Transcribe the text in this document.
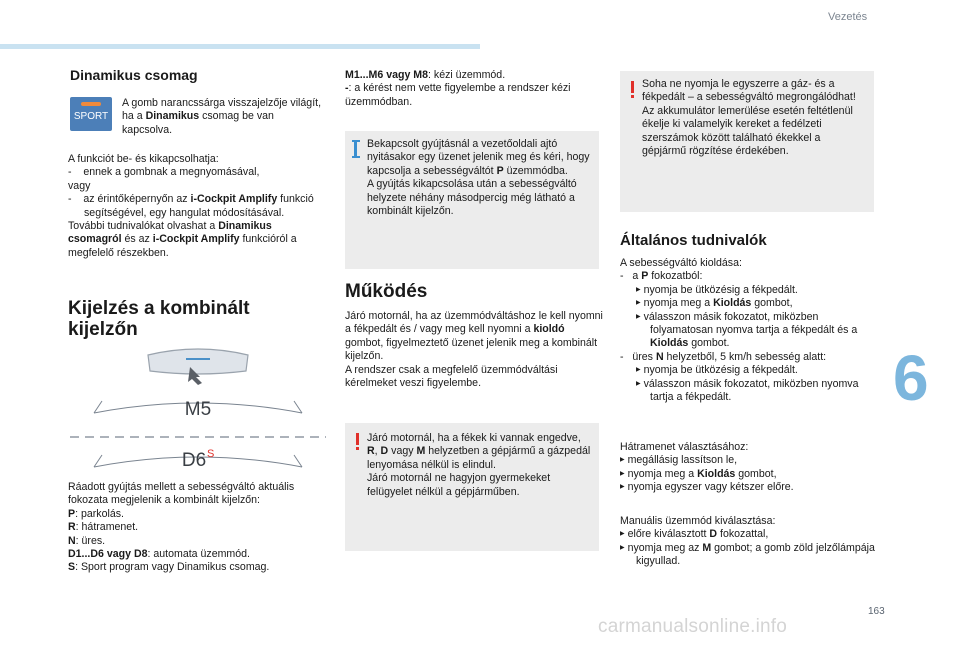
Vezetés
6
163
carmanualsonline.info
Dinamikus csomag
SPORT

A gomb narancssárga visszajelzője világít, ha a Dinamikus csomag be van kapcsolva.

A funkciót be- és kikapcsolhatja:

- ennek a gombnak a megnyomásával,

vagy

- az érintőképernyőn az i-Cockpit Amplify funkció segítségével, egy hangulat módosításával.

További tudnivalókat olvashat a Dinamikus csomagról és az i-Cockpit Amplify funkcióról a megfelelő részekben.

Kijelzés a kombinált kijelzőn
M5
D6 S

Ráadott gyújtás mellett a sebességváltó aktuális fokozata megjelenik a kombinált kijelzőn:

P: parkolás.

R: hátramenet.

N: üres.

D1...D6 vagy D8: automata üzemmód.

S: Sport program vagy Dinamikus csomag.

M1...M6 vagy M8: kézi üzemmód.

-: a kérést nem vette figyelembe a rendszer kézi üzemmódban.

Bekapcsolt gyújtásnál a vezetőoldali ajtó nyitásakor egy üzenet jelenik meg és kéri, hogy kapcsolja a sebességváltót P üzemmódba.

A gyújtás kikapcsolása után a sebességváltó helyzete néhány másodpercig még látható a kombinált kijelzőn.

Működés

Járó motornál, ha az üzemmódváltáshoz le kell nyomni a fékpedált és / vagy meg kell nyomni a kioldó gombot, figyelmeztető üzenet jelenik meg a kombinált kijelzőn.

A rendszer csak a megfelelő üzemmódváltási kérelmeket veszi figyelembe.

Járó motornál, ha a fékek ki vannak engedve, R, D vagy M helyzetben a gépjármű a gázpedál lenyomása nélkül is elindul.

Járó motornál ne hagyjon gyermekeket felügyelet nélkül a gépjárműben.

Soha ne nyomja le egyszerre a gáz- és a fékpedált – a sebességváltó megrongálódhat!

Az akkumulátor lemerülése esetén feltétlenül ékelje ki valamelyik kereket a fedélzeti szerszámok között található ékekkel a gépjármű rögzítése érdekében.

Általános tudnivalók

A sebességváltó kioldása:

- a P fokozatból:

▶ nyomja be ütközésig a fékpedált.

▶ nyomja meg a Kioldás gombot,

▶ válasszon másik fokozatot, miközben folyamatosan nyomva tartja a fékpedált és a Kioldás gombot.

- üres N helyzetből, 5 km/h sebesség alatt:

▶ nyomja be ütközésig a fékpedált.

▶ válasszon másik fokozatot, miközben nyomva tartja a fékpedált.

Hátramenet választásához:

▶ megállásig lassítson le,

▶ nyomja meg a Kioldás gombot,

▶ nyomja egyszer vagy kétszer előre.

Manuális üzemmód kiválasztása:

▶ előre kiválasztott D fokozattal,

▶ nyomja meg az M gombot; a gomb zöld jelzőlámpája kigyullad.
